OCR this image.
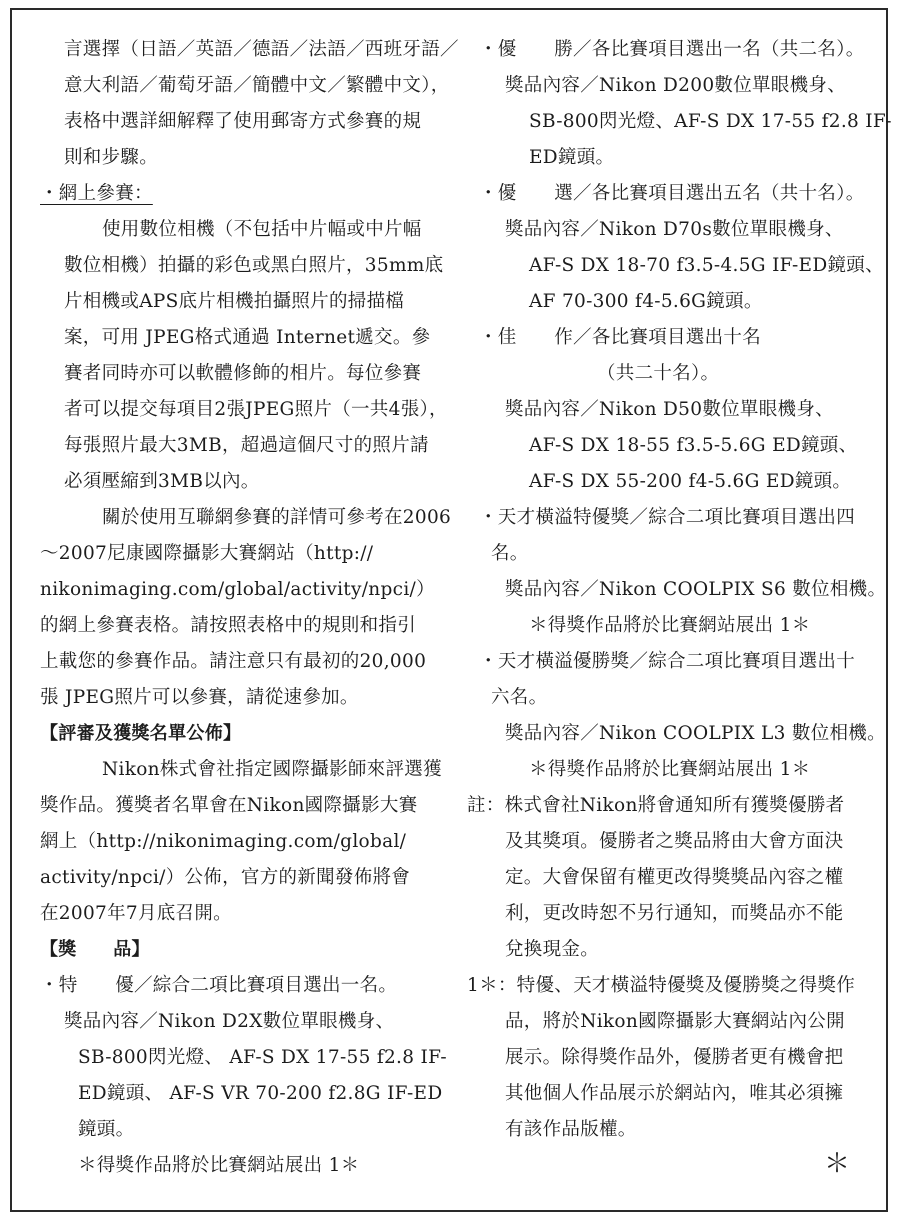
言選擇（日語／英語／德語／法語／西班牙語／
意大利語／葡萄牙語／簡體中文／繁體中文），
表格中選詳細解釋了使用郵寄方式參賽的規
則和步驟。
・網上參賽：
使用數位相機（不包括中片幅或中片幅
數位相機）拍攝的彩色或黑白照片，35mm底
片相機或APS底片相機拍攝照片的掃描檔
案，可用 JPEG格式通過 Internet遞交。參
賽者同時亦可以軟體修飾的相片。每位參賽
者可以提交每項目2張JPEG照片（一共4張），
每張照片最大3MB，超過這個尺寸的照片請
必須壓縮到3MB以內。
關於使用互聯網參賽的詳情可參考在2006
～2007尼康國際攝影大賽網站（http://
nikonimaging.com/global/activity/npci/）
的網上參賽表格。請按照表格中的規則和指引
上載您的參賽作品。請注意只有最初的20,000
張 JPEG照片可以參賽，請從速參加。
【評審及獲獎名單公佈】
Nikon株式會社指定國際攝影師來評選獲
獎作品。獲獎者名單會在Nikon國際攝影大賽
網上（http://nikonimaging.com/global/
activity/npci/）公佈，官方的新聞發佈將會
在2007年7月底召開。
【獎　　品】
・特　　優／綜合二項比賽項目選出一名。
獎品內容／Nikon D2X數位單眼機身、
SB-800閃光燈、 AF-S DX 17-55 f2.8 IF-
ED鏡頭、 AF-S VR 70-200 f2.8G IF-ED
鏡頭。
＊得獎作品將於比賽網站展出 1＊
・優　　勝／各比賽項目選出一名（共二名）。
獎品內容／Nikon D200數位單眼機身、
SB-800閃光燈、AF-S DX 17-55 f2.8 IF-
ED鏡頭。
・優　　選／各比賽項目選出五名（共十名）。
獎品內容／Nikon D70s數位單眼機身、
AF-S DX 18-70 f3.5-4.5G IF-ED鏡頭、
AF 70-300 f4-5.6G鏡頭。
・佳　　作／各比賽項目選出十名
（共二十名）。
獎品內容／Nikon D50數位單眼機身、
AF-S DX 18-55 f3.5-5.6G ED鏡頭、
AF-S DX 55-200 f4-5.6G ED鏡頭。
・天才橫溢特優獎／綜合二項比賽項目選出四
名。
獎品內容／Nikon COOLPIX S6 數位相機。
＊得獎作品將於比賽網站展出 1＊
・天才橫溢優勝獎／綜合二項比賽項目選出十
六名。
獎品內容／Nikon COOLPIX L3 數位相機。
＊得獎作品將於比賽網站展出 1＊
註：株式會社Nikon將會通知所有獲獎優勝者
及其獎項。優勝者之獎品將由大會方面決
定。大會保留有權更改得獎獎品內容之權
利，更改時恕不另行通知，而獎品亦不能
兌換現金。
1＊：特優、天才橫溢特優獎及優勝獎之得獎作
品，將於Nikon國際攝影大賽網站內公開
展示。除得獎作品外，優勝者更有機會把
其他個人作品展示於網站內，唯其必須擁
有該作品版權。
＊
